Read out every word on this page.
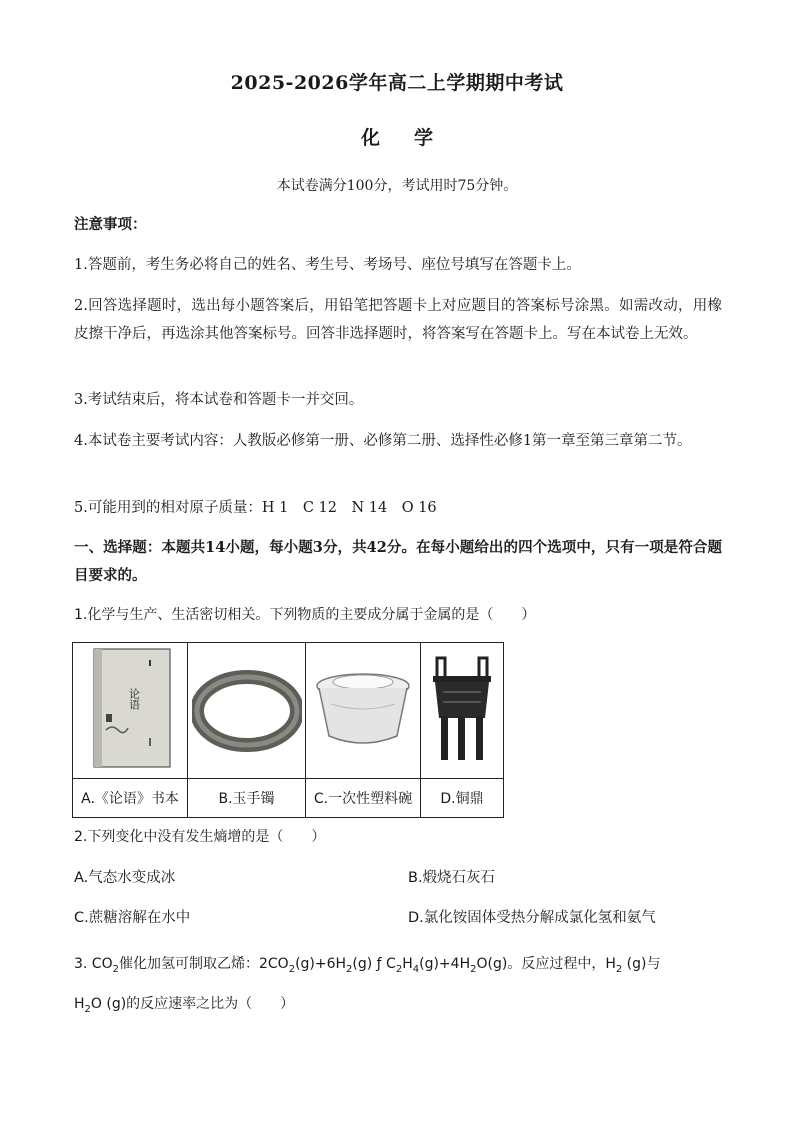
2025-2026学年高二上学期期中考试
化 学
本试卷满分100分，考试用时75分钟。
注意事项：
1.答题前，考生务必将自己的姓名、考生号、考场号、座位号填写在答题卡上。
2.回答选择题时，选出每小题答案后，用铅笔把答题卡上对应题目的答案标号涂黑。如需改动，用橡皮擦干净后，再选涂其他答案标号。回答非选择题时，将答案写在答题卡上。写在本试卷上无效。
3.考试结束后，将本试卷和答题卡一并交回。
4.本试卷主要考试内容：人教版必修第一册、必修第二册、选择性必修1第一章至第三章第二节。
5.可能用到的相对原子质量：H 1　C 12　N 14　O 16
一、选择题：本题共14小题，每小题3分，共42分。在每小题给出的四个选项中，只有一项是符合题目要求的。
1.化学与生产、生活密切相关。下列物质的主要成分属于金属的是（　　）
论语

A.《论语》书本	B.玉手镯	C.一次性塑料碗	D.铜鼎
2.下列变化中没有发生熵增的是（　　）
A.气态水变成冰	B.煅烧石灰石
C.蔗糖溶解在水中	D.氯化铵固体受热分解成氯化氢和氨气
3. $CO_2$催化加氢可制取乙烯：$2CO_2(g)+6H_2(g)$ ƒ $C_2H_4(g)+4H_2O(g)$。反应过程中，$H_2$ (g)与
$H_2O$ (g)的反应速率之比为（　　）
